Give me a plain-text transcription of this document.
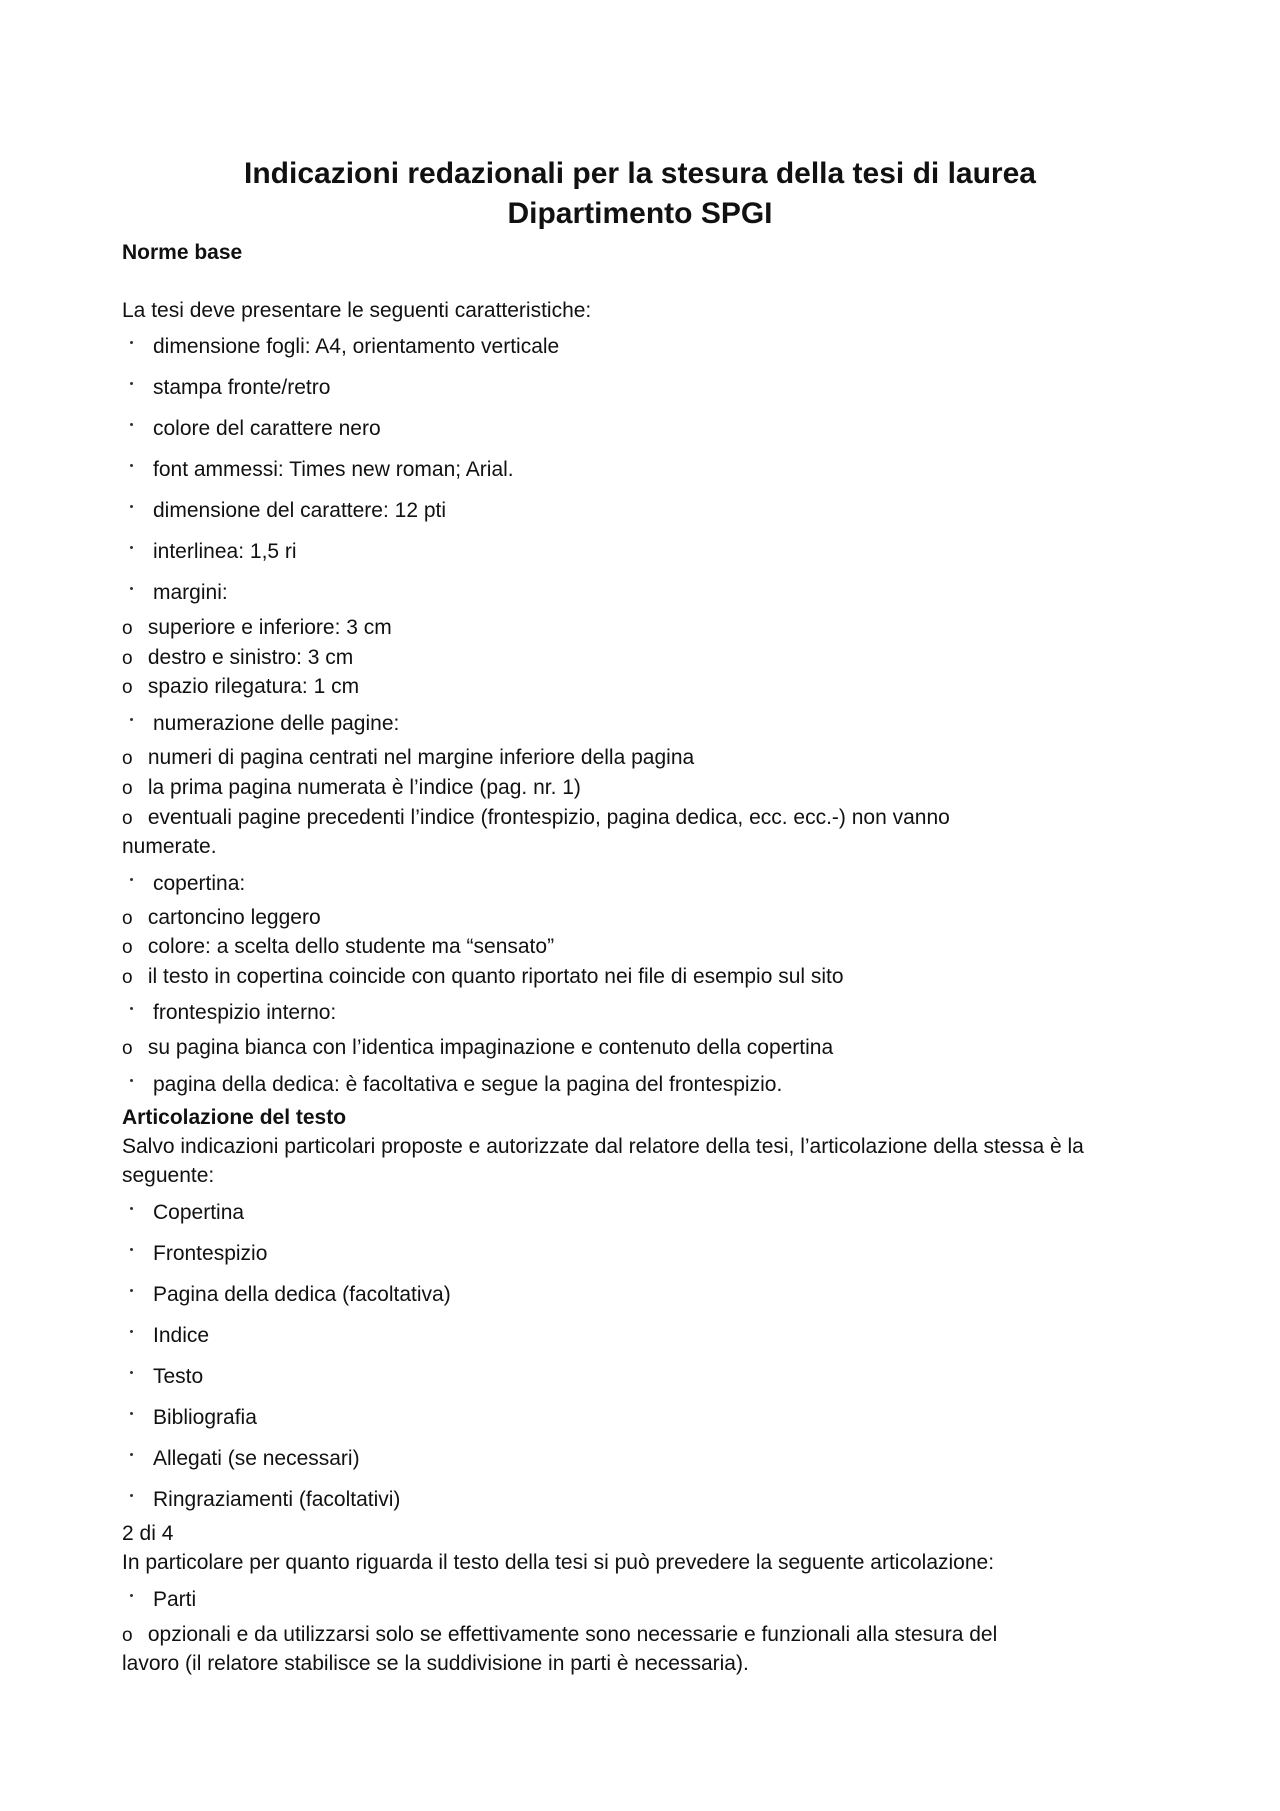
Indicazioni redazionali per la stesura della tesi di laurea
Dipartimento SPGI

Norme base

La tesi deve presentare le seguenti caratteristiche:

dimensione fogli: A4, orientamento verticale
stampa fronte/retro
colore del carattere nero
font ammessi: Times new roman; Arial.
dimensione del carattere: 12 pti
interlinea: 1,5 ri
margini:
o superiore e inferiore: 3 cm
o destro e sinistro: 3 cm
o spazio rilegatura: 1 cm
numerazione delle pagine:
o numeri di pagina centrati nel margine inferiore della pagina
o la prima pagina numerata è l’indice (pag. nr. 1)
o eventuali pagine precedenti l’indice (frontespizio, pagina dedica, ecc. ecc.-) non vanno

numerate.

copertina:
o cartoncino leggero
o colore: a scelta dello studente ma “sensato”
o il testo in copertina coincide con quanto riportato nei file di esempio sul sito
frontespizio interno:
o su pagina bianca con l’identica impaginazione e contenuto della copertina
pagina della dedica: è facoltativa e segue la pagina del frontespizio.

Articolazione del testo

Salvo indicazioni particolari proposte e autorizzate dal relatore della tesi, l’articolazione della stessa è la

seguente:

Copertina
Frontespizio
Pagina della dedica (facoltativa)
Indice
Testo
Bibliografia
Allegati (se necessari)
Ringraziamenti (facoltativi)

2 di 4

In particolare per quanto riguarda il testo della tesi si può prevedere la seguente articolazione:

Parti
o opzionali e da utilizzarsi solo se effettivamente sono necessarie e funzionali alla stesura del

lavoro (il relatore stabilisce se la suddivisione in parti è necessaria).
